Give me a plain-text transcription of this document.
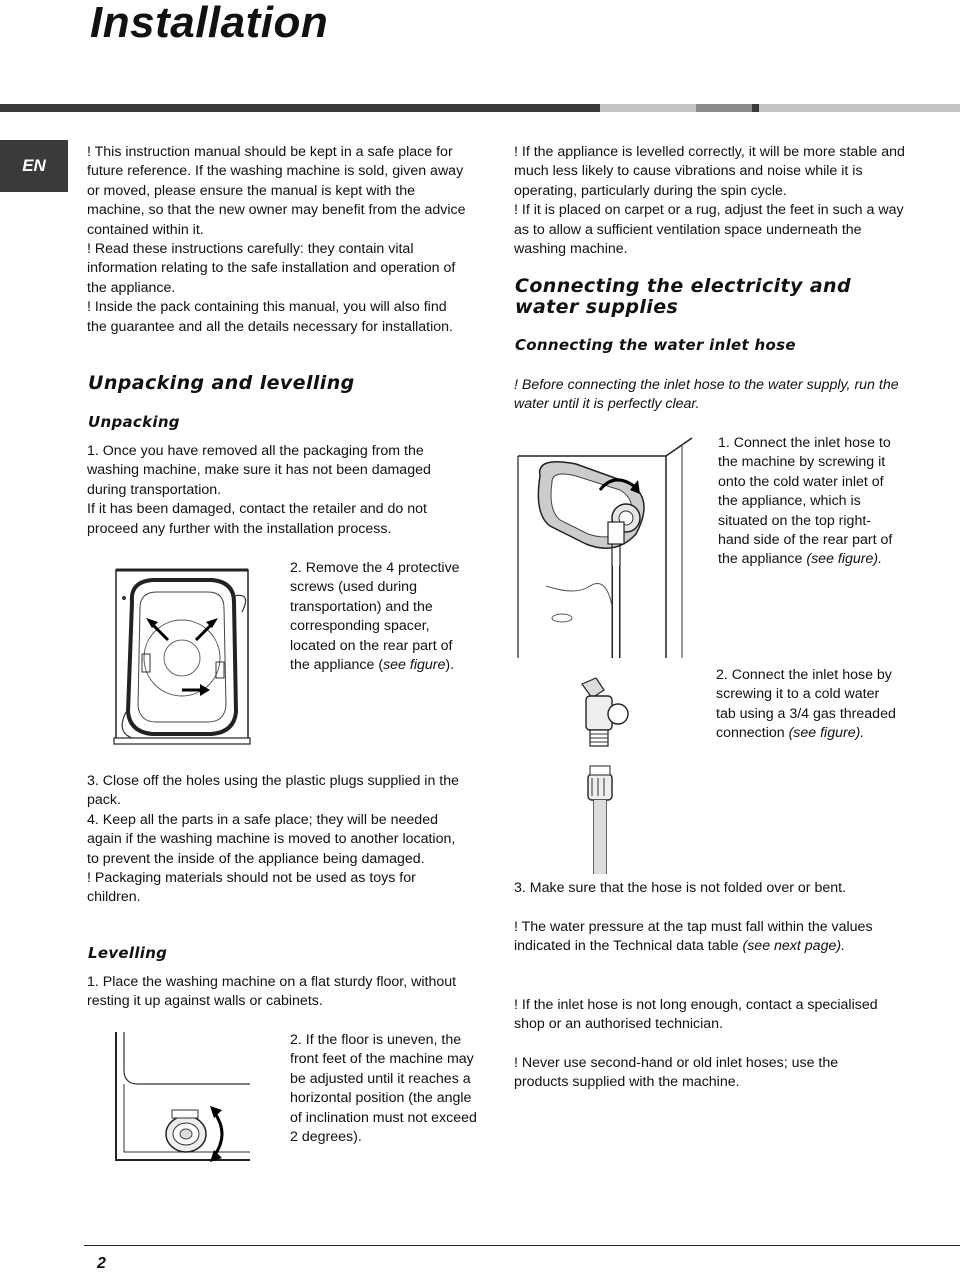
Installation
EN

! This instruction manual should be kept in a safe place for future reference. If the washing machine is sold, given away or moved, please ensure the manual is kept with the machine, so that the new owner may benefit from the advice contained within it.

! Read these instructions carefully: they contain vital information relating to the safe installation and operation of the appliance.

! Inside the pack containing this manual, you will also find the guarantee and all the details necessary for installation.

Unpacking and levelling
Unpacking

1. Once you have removed all the packaging from the washing machine, make sure it has not been damaged during transportation.

If it has been damaged, contact the retailer and do not proceed any further with the installation process.

2. Remove the 4 protective screws (used during transportation) and the corresponding spacer, located on the rear part of the appliance (see figure).

3. Close off the holes using the plastic plugs supplied in the pack.

4. Keep all the parts in a safe place; they will be needed again if the washing machine is moved to another location, to prevent the inside of the appliance being damaged.

! Packaging materials should not be used as toys for children.

Levelling

1. Place the washing machine on a flat sturdy floor, without resting it up against walls or cabinets.

2. If the floor is uneven, the front feet of the machine may be adjusted until it reaches a horizontal position (the angle of inclination must not exceed 2 degrees).

! If the appliance is levelled correctly, it will be more stable and much less likely to cause vibrations and noise while it is operating, particularly during the spin cycle.

! If it is placed on carpet or a rug, adjust the feet in such a way as to allow a sufficient ventilation space underneath the washing machine.

Connecting the electricity and water supplies
Connecting the water inlet hose

! Before connecting the inlet hose to the water supply, run the water until it is perfectly clear.

1. Connect the inlet hose to the machine by screwing it onto the cold water inlet of the appliance, which is situated on the top right-hand side of the rear part of the appliance (see figure).

2. Connect the inlet hose by screwing it to a cold water tab using a 3/4 gas threaded connection (see figure).

3. Make sure that the hose is not folded over or bent.

! The water pressure at the tap must fall within the values indicated in the Technical data table (see next page).

! If the inlet hose is not long enough, contact a specialised shop or an authorised technician.

! Never use second-hand or old inlet hoses; use the products supplied with the machine.

2
